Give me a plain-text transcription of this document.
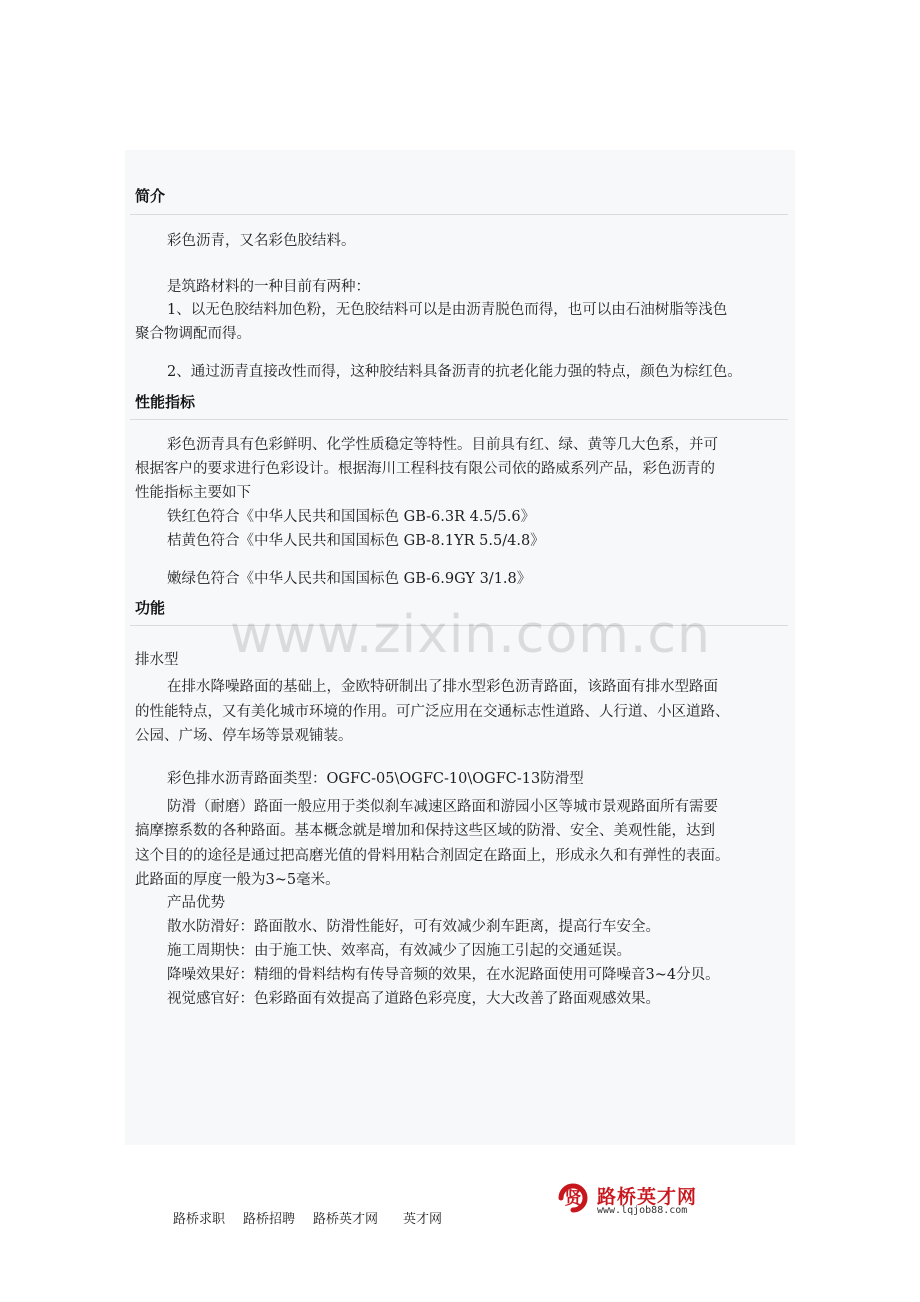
简介
彩色沥青，又名彩色胶结料。
是筑路材料的一种目前有两种：
1、以无色胶结料加色粉，无色胶结料可以是由沥青脱色而得，也可以由石油树脂等浅色
聚合物调配而得。
2、通过沥青直接改性而得，这种胶结料具备沥青的抗老化能力强的特点，颜色为棕红色。
性能指标
彩色沥青具有色彩鲜明、化学性质稳定等特性。目前具有红、绿、黄等几大色系，并可
根据客户的要求进行色彩设计。根据海川工程科技有限公司依的路威系列产品，彩色沥青的
性能指标主要如下
铁红色符合《中华人民共和国国标色 GB-6.3R 4.5/5.6》
桔黄色符合《中华人民共和国国标色 GB-8.1YR 5.5/4.8》
嫩绿色符合《中华人民共和国国标色 GB-6.9GY 3/1.8》
功能 www.zixin.com.cn
排水型
在排水降噪路面的基础上，金欧特研制出了排水型彩色沥青路面，该路面有排水型路面
的性能特点，又有美化城市环境的作用。可广泛应用在交通标志性道路、人行道、小区道路、
公园、广场、停车场等景观铺装。
彩色排水沥青路面类型：OGFC-05\OGFC-10\OGFC-13防滑型
防滑（耐磨）路面一般应用于类似刹车减速区路面和游园小区等城市景观路面所有需要
搞摩擦系数的各种路面。基本概念就是增加和保持这些区域的防滑、安全、美观性能，达到
这个目的的途径是通过把高磨光值的骨料用粘合剂固定在路面上，形成永久和有弹性的表面。
此路面的厚度一般为3~5毫米。
产品优势
散水防滑好：路面散水、防滑性能好，可有效减少刹车距离，提高行车安全。
施工周期快：由于施工快、效率高，有效减少了因施工引起的交通延误。
降噪效果好：精细的骨料结构有传导音频的效果，在水泥路面使用可降噪音3~4分贝。
视觉感官好：色彩路面有效提高了道路色彩亮度，大大改善了路面观感效果。
贤 路桥英才网
www.lqjob88.com
路桥求职 路桥招聘 路桥英才网 英才网
